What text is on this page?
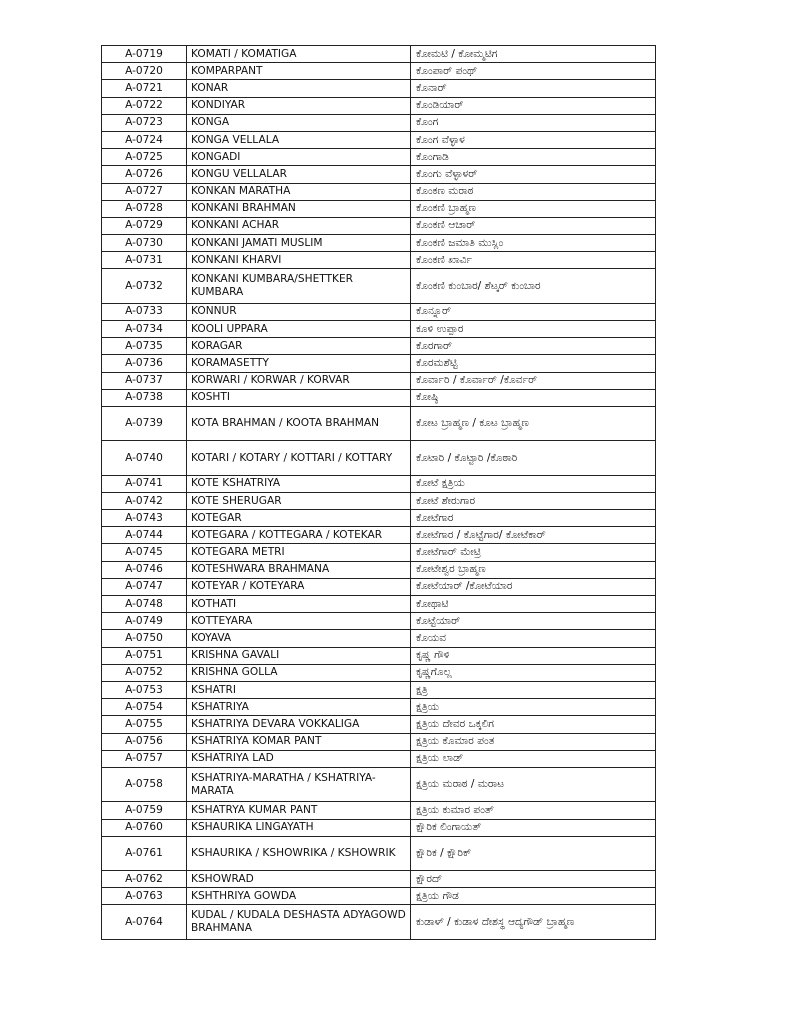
A-0719	KOMATI / KOMATIGA	ಕೋಮಟಿ / ಕೋಮ್ಮಟಿಗ
A-0720	KOMPARPANT	ಕೊಂಪಾರ್ ಪಂಥ್
A-0721	KONAR	ಕೊನಾರ್
A-0722	KONDIYAR	ಕೊಂಡಿಯಾರ್
A-0723	KONGA	ಕೊಂಗ
A-0724	KONGA VELLALA	ಕೊಂಗ ವೆಳ್ಳಾಳ
A-0725	KONGADI	ಕೊಂಗಾಡಿ
A-0726	KONGU VELLALAR	ಕೊಂಗು ವೆಳ್ಳಾಳರ್
A-0727	KONKAN MARATHA	ಕೊಂಕಣ ಮರಾಠ
A-0728	KONKANI BRAHMAN	ಕೊಂಕಣಿ ಬ್ರಾಹ್ಮಣ
A-0729	KONKANI ACHAR	ಕೊಂಕಣಿ ಆಚಾರ್
A-0730	KONKANI JAMATI MUSLIM	ಕೊಂಕಣಿ ಜಮಾತಿ ಮುಸ್ಲಿಂ
A-0731	KONKANI KHARVI	ಕೊಂಕಣಿ ಖಾರ್ವಿ
A-0732	KONKANI KUMBARA/SHETTKER KUMBARA	ಕೊಂಕಣಿ ಕುಂಬಾರ/ ಶೆಟ್ಕರ್ ಕುಂಬಾರ
A-0733	KONNUR	ಕೊನ್ನೂರ್
A-0734	KOOLI UPPARA	ಕೂಳಿ ಉಪ್ಪಾರ
A-0735	KORAGAR	ಕೊರಗಾರ್
A-0736	KORAMASETTY	ಕೊರಮಶೆಟ್ಟಿ
A-0737	KORWARI / KORWAR / KORVAR	ಕೊರ್ವಾರಿ / ಕೊರ್ವಾರ್ /ಕೊರ್ವರ್
A-0738	KOSHTI	ಕೋಷ್ಠಿ
A-0739	KOTA BRAHMAN / KOOTA BRAHMAN	ಕೋಟ ಬ್ರಾಹ್ಮಣ / ಕೂಟ ಬ್ರಾಹ್ಮಣ
A-0740	KOTARI / KOTARY / KOTTARI / KOTTARY	ಕೊಟಾರಿ / ಕೊಟ್ಟಾರಿ /ಕೊಠಾರಿ
A-0741	KOTE KSHATRIYA	ಕೋಟೆ ಕ್ಷತ್ರಿಯ
A-0742	KOTE SHERUGAR	ಕೋಟೆ ಶೇರುಗಾರ
A-0743	KOTEGAR	ಕೋಟೆಗಾರ
A-0744	KOTEGARA / KOTTEGARA / KOTEKAR	ಕೋಟೆಗಾರ / ಕೊಟ್ಟೆಗಾರ/ ಕೋಟೆಕಾರ್
A-0745	KOTEGARA METRI	ಕೋಟೆಗಾರ್ ಮೇಟ್ರಿ
A-0746	KOTESHWARA BRAHMANA	ಕೋಟೇಶ್ವರ ಬ್ರಾಹ್ಮಣ
A-0747	KOTEYAR / KOTEYARA	ಕೋಟೆಯಾರ್ /ಕೋಟೆಯಾರ
A-0748	KOTHATI	ಕೋಥಾಟಿ
A-0749	KOTTEYARA	ಕೊಟ್ಟೆಯಾರ್
A-0750	KOYAVA	ಕೊಯವ
A-0751	KRISHNA GAVALI	ಕೃಷ್ಣ ಗೌಳಿ
A-0752	KRISHNA GOLLA	ಕೃಷ್ಣಗೊಲ್ಲ
A-0753	KSHATRI	ಕ್ಷತ್ರಿ
A-0754	KSHATRIYA	ಕ್ಷತ್ರಿಯ
A-0755	KSHATRIYA DEVARA VOKKALIGA	ಕ್ಷತ್ರಿಯ ದೇವರ ಒಕ್ಕಲಿಗ
A-0756	KSHATRIYA KOMAR PANT	ಕ್ಷತ್ರಿಯ ಕೊಮಾರ ಪಂತ
A-0757	KSHATRIYA LAD	ಕ್ಷತ್ರಿಯ ಲಾಡ್
A-0758	KSHATRIYA-MARATHA / KSHATRIYA-MARATA	ಕ್ಷತ್ರಿಯ ಮರಾಠ / ಮರಾಟ
A-0759	KSHATRYA KUMAR PANT	ಕ್ಷತ್ರಿಯ ಕುಮಾರ ಪಂತ್
A-0760	KSHAURIKA LINGAYATH	ಕ್ಷೌರಿಕ ಲಿಂಗಾಯತ್
A-0761	KSHAURIKA / KSHOWRIKA / KSHOWRIK	ಕ್ಷೌರಿಕ / ಕ್ಷೌರಿಕ್
A-0762	KSHOWRAD	ಕ್ಷೌರದ್
A-0763	KSHTHRIYA GOWDA	ಕ್ಷತ್ರಿಯ ಗೌಡ
A-0764	KUDAL / KUDALA DESHASTA ADYAGOWD BRAHMANA	ಕುಡಾಳ್ / ಕುಡಾಳ ದೇಶಸ್ಥ ಆದ್ಯಗೌಡ್ ಬ್ರಾಹ್ಮಣ
